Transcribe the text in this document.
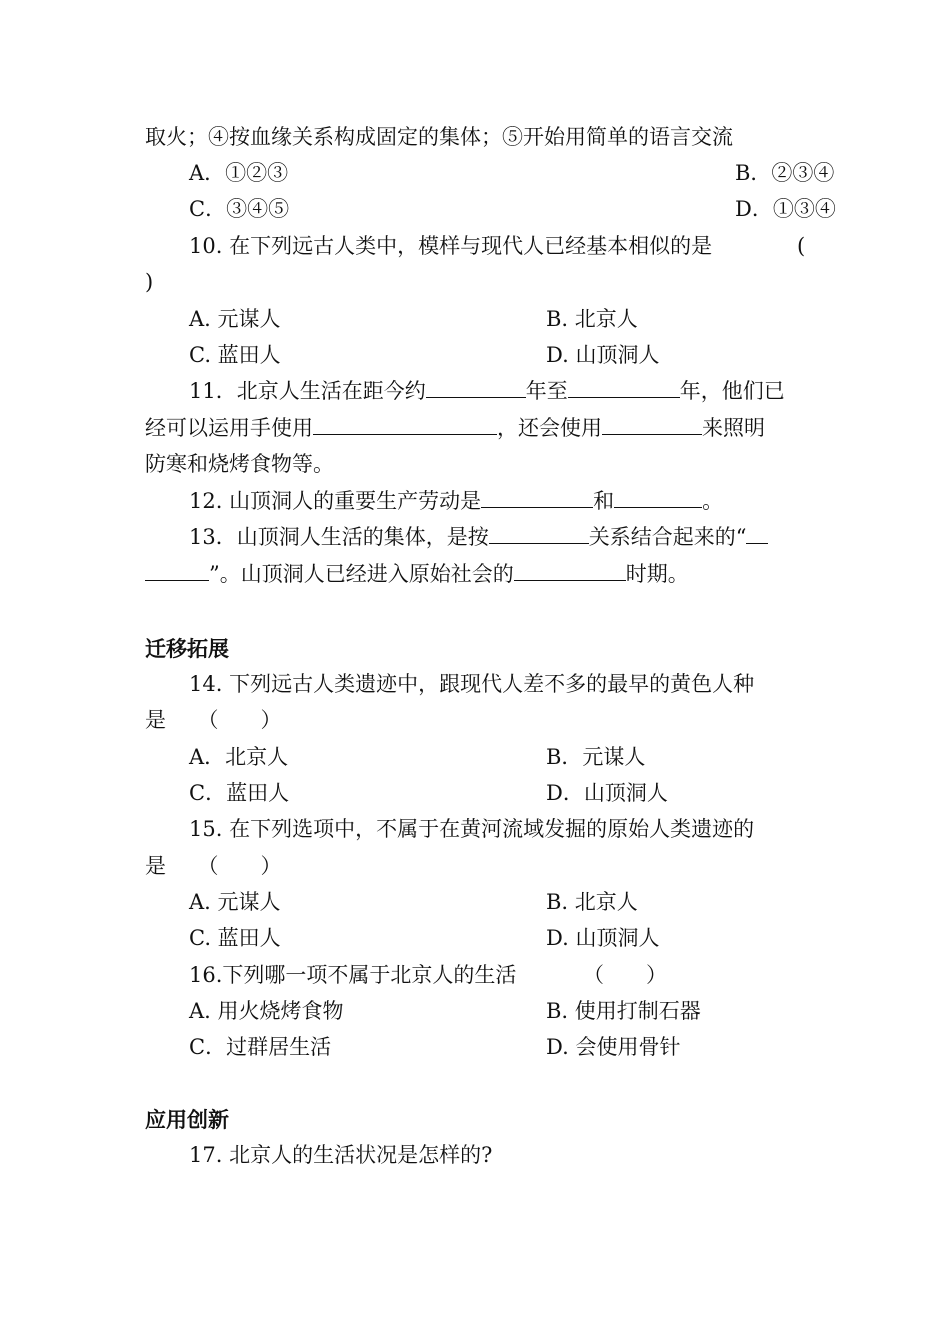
取火；④按血缘关系构成固定的集体；⑤开始用简单的语言交流
A．①②③	B．②③④
C．③④⑤	D．①③④
10. 在下列远古人类中，模样与现代人已经基本相似的是	(
)
A. 元谋人	B. 北京人
C. 蓝田人	D. 山顶洞人
11．北京人生活在距今约	年至	年，他们已
经可以运用手使用	，还会使用	来照明
防寒和烧烤食物等。
12. 山顶洞人的重要生产劳动是	和	。
13．山顶洞人生活的集体，是按	关系结合起来的“
”。山顶洞人已经进入原始社会的	时期。
迁移拓展
14. 下列远古人类遗迹中，跟现代人差不多的最早的黄色人种
是　　（　　）
A．北京人	B．元谋人
C．蓝田人	D．山顶洞人
15. 在下列选项中，不属于在黄河流域发掘的原始人类遗迹的
是　　（　　）
A. 元谋人	B. 北京人
C. 蓝田人	D. 山顶洞人
16.下列哪一项不属于北京人的生活	（　　）
A. 用火烧烤食物	B. 使用打制石器
C．过群居生活	D. 会使用骨针
应用创新
17. 北京人的生活状况是怎样的?
